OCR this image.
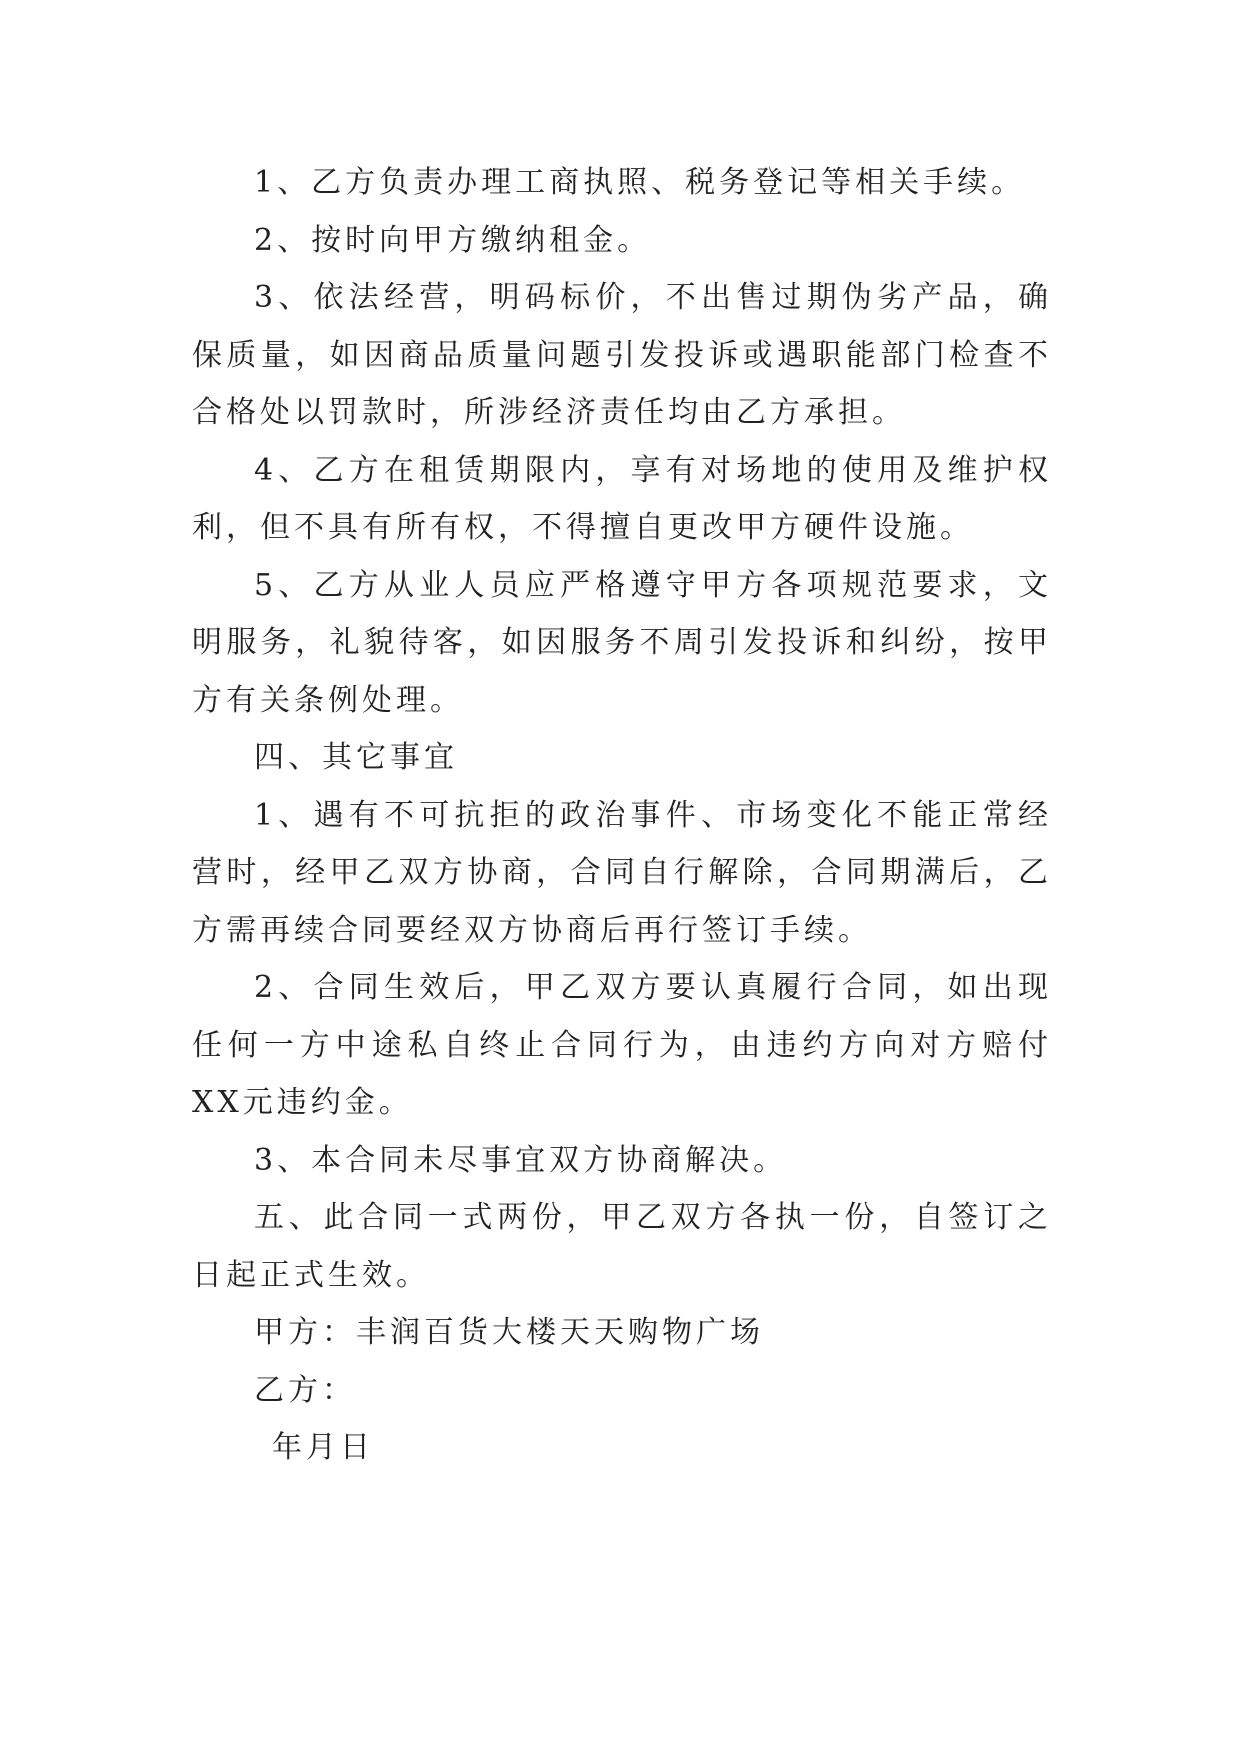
1、乙方负责办理工商执照、税务登记等相关手续。

2、按时向甲方缴纳租金。

3、依法经营，明码标价，不出售过期伪劣产品，确保质量，如因商品质量问题引发投诉或遇职能部门检查不合格处以罚款时，所涉经济责任均由乙方承担。

4、乙方在租赁期限内，享有对场地的使用及维护权利，但不具有所有权，不得擅自更改甲方硬件设施。

5、乙方从业人员应严格遵守甲方各项规范要求，文明服务，礼貌待客，如因服务不周引发投诉和纠纷，按甲方有关条例处理。

四、其它事宜

1、遇有不可抗拒的政治事件、市场变化不能正常经营时，经甲乙双方协商，合同自行解除，合同期满后，乙方需再续合同要经双方协商后再行签订手续。

2、合同生效后，甲乙双方要认真履行合同，如出现任何一方中途私自终止合同行为，由违约方向对方赔付XX元违约金。

3、本合同未尽事宜双方协商解决。

五、此合同一式两份，甲乙双方各执一份，自签订之日起正式生效。

甲方：丰润百货大楼天天购物广场

乙方：

年月日
